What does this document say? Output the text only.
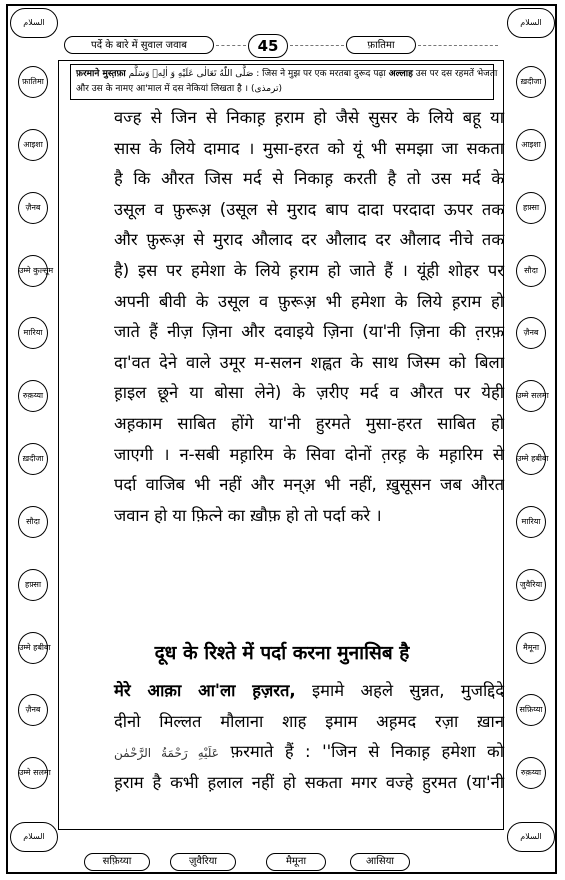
السلام	السلام
السلام	السلام
पर्दे के बारे में सुवाल जवाब	45	फ़ातिमा
फ़रमाने मुस्त़फ़ा صَلَّى اللّٰهُ تَعَالٰى عَلَيْهِ وَ اٰلِهٖ وَسَلَّم : जिस ने मुझ पर एक मरतबा दुरूद पढ़ा अल्लाह उस पर दस रहमतें भेजता
और उस के नामए आ'माल में दस नेकियां लिखता है । (ترمذی)
वज्ह से जिन से निकाह़ ह़राम हो जैसे सुसर के लिये बहू या
सास के लिये दामाद । मुसा-हरत को यूं भी समझा जा सकता
है कि औरत जिस मर्द से निकाह़ करती है तो उस मर्द के
उसूल व फ़ुरूअ़ (उसूल से मुराद बाप दादा परदादा ऊपर तक
और फ़ुरूअ़ से मुराद औलाद दर औलाद दर औलाद नीचे तक
है) इस पर हमेशा के लिये ह़राम हो जाते हैं । यूंही शोहर पर
अपनी बीवी के उसूल व फ़ुरूअ़ भी हमेशा के लिये ह़राम हो
जाते हैं नीज़ ज़िना और दवाइये ज़िना (या'नी ज़िना की त़रफ़
दा'वत देने वाले उमूर म-सलन शह्वत के साथ जिस्म को बिला
ह़ाइल छूने या बोसा लेने) के ज़रीए मर्द व औरत पर येही
अह़काम साबित होंगे या'नी हुरमते मुसा-हरत साबित हो
जाएगी । न-सबी मह़ारिम के सिवा दोनों त़रह़ के मह़ारिम से
पर्दा वाजिब भी नहीं और मन्अ़ भी नहीं, ख़ुसूसन जब औरत
जवान हो या फ़ित्ने का ख़ौफ़ हो तो पर्दा करे ।
दूध के रिश्ते में पर्दा करना मुनासिब है
मेरे आक़ा आ'ला ह़ज़रत, इमामे अहले सुन्नत, मुजद्दिदे
दीनो मिल्लत मौलाना शाह इमाम अह़मद रज़ा ख़ान
عَلَيْهِ رَحْمَةُ الرَّحْمٰن फ़रमाते हैं : ''जिन से निकाह़ हमेशा को
ह़राम है कभी ह़लाल नहीं हो सकता मगर वज्हे हुरमत (या'नी
फ़ातिमा
आइशा
ज़ैनब
उम्मे कुल्सूम
मारिया
रुक़य्या
ख़दीजा
सौदा
हफ़्सा
उम्मे हबीबा
ज़ैनब
उम्मे सलमा
ख़दीजा
आइशा
हफ़्सा
सौदा
ज़ैनब
उम्मे सलमा
उम्मे हबीबा
मारिया
जुवैरिया
मैमूना
सफ़िय्या
रुक़य्या
सफ़िय्या	ज़ुवैरिया	मैमूना	आसिया
